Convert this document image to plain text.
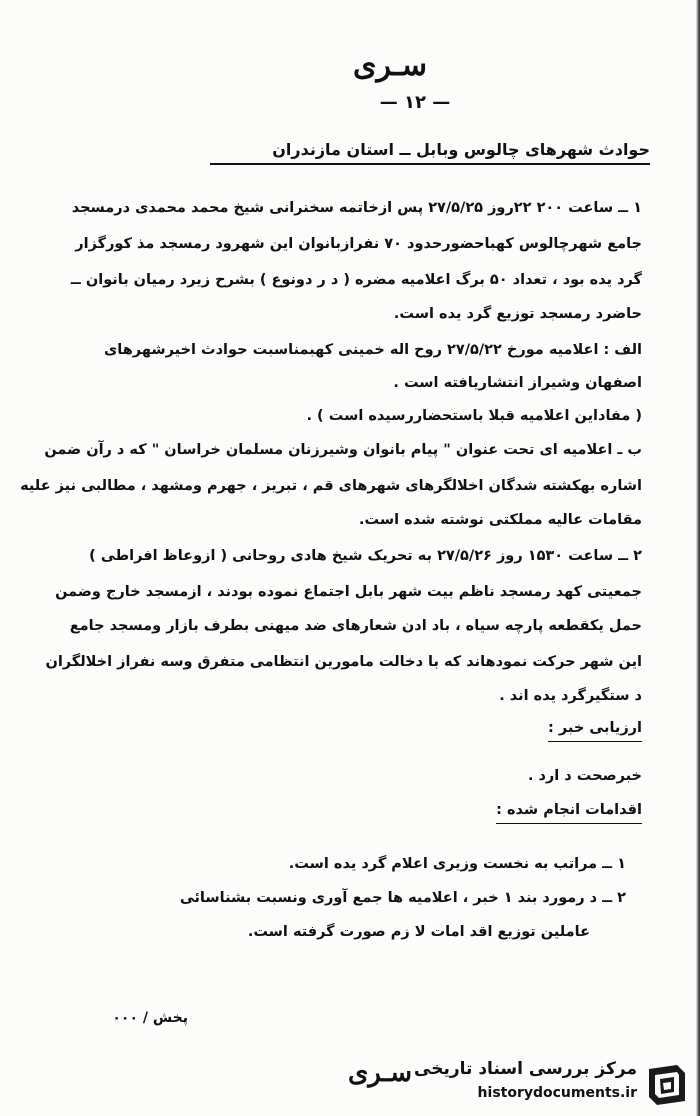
سـری
— ۱۲ —
حوادث شهرهای چالوس وبابل ــ استان مازندران
۱ ــ ساعت ۲۰۰ ۲۲روز ۲۷/۵/۲۵ پس ازخاتمه سخنرانی شیخ محمد محمدی درمسجد
جامع شهرچالوس کهباحضورحدود ۷۰ نفرازبانوان این شهرود رمسجد مذ کورگزار
گرد یده بود ، تعداد ۵۰ برگ اعلامیه مضره ( د ر دونوع ) بشرح زیرد رمیان بانوان ــ
حاضرد رمسجد توزیع گرد یده است.
الف : اعلامیه مورخ ۲۷/۵/۲۲ روح اله خمینی کهبمناسبت حوادث اخیرشهرهای
اصفهان وشیراز انتشاریافته است .
( مفاداین اعلامیه قبلا باستحضاررسیده است ) .
ب ـ اعلامیه ای تحت عنوان " پیام بانوان وشیرزنان مسلمان خراسان " که د رآن ضمن
اشاره بهکشته شدگان اخلالگرهای شهرهای قم ، تبریز ، جهرم ومشهد ، مطالبی نیز علیه
مقامات عالیه مملکتی نوشته شده است.
۲ ــ ساعت ۱۵۳۰ روز ۲۷/۵/۲۶ به تحریک شیخ هادی روحانی ( ازوعاظ افراطی )
جمعیتی کهد رمسجد ناظم بیت شهر بابل اجتماع نموده بودند ، ازمسجد خارج وضمن
حمل یکقطعه پارچه سیاه ، باد ادن شعارهای ضد میهنی بطرف بازار ومسجد جامع
این شهر حرکت نمودهاند که با دخالت مامورین انتظامی متفرق وسه نفراز اخلالگران
د ستگیرگرد یده اند .
ارزیابی خبر :
خبرصحت د ارد .
اقدامات انجام شده :
۱ ــ مراتب به نخست وزیری اعلام گرد یده است.
۲ ــ د رمورد بند ۱ خبر ، اعلامیه ها جمع آوری ونسبت بشناسائی
عاملین توزیع اقد امات لا زم صورت گرفته است.
پخش / ۰۰۰
سـری مرکز بررسی اسناد تاریخی
historydocuments.ir
